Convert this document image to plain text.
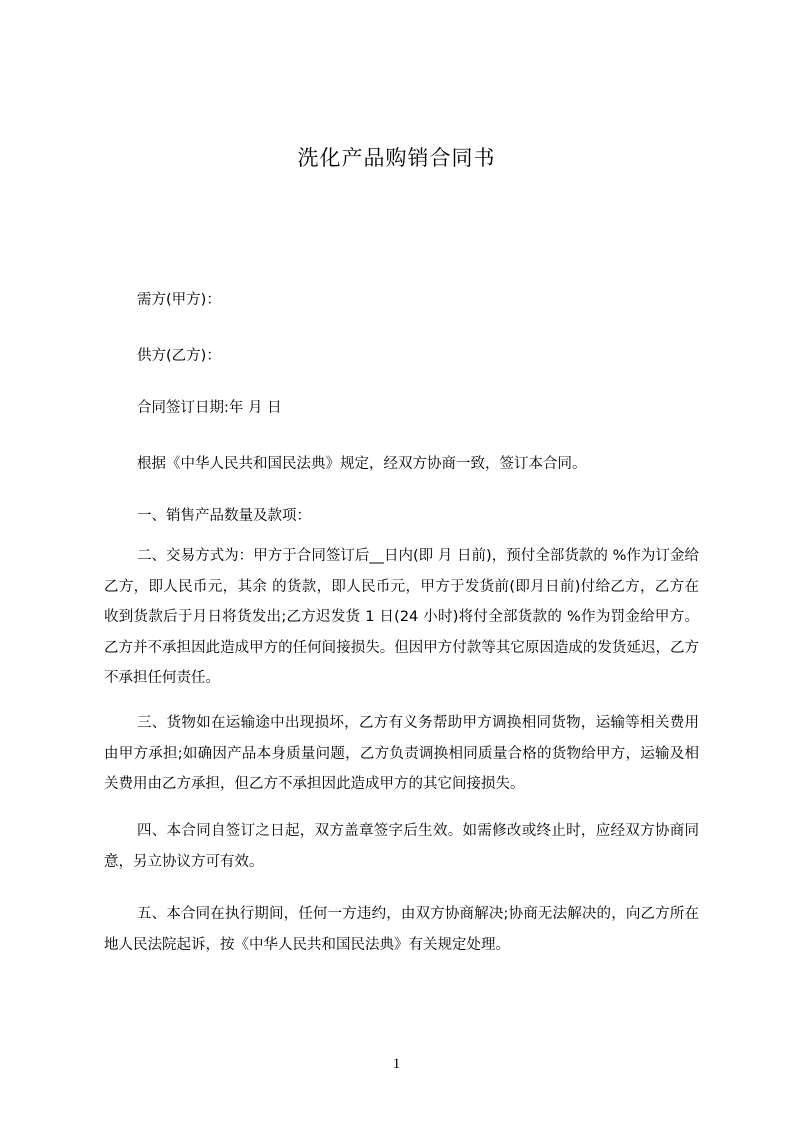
洗化产品购销合同书
需方(甲方)：
供方(乙方)：
合同签订日期:年 月 日
根据《中华人民共和国民法典》规定，经双方协商一致，签订本合同。
一、销售产品数量及款项：
二、交易方式为：甲方于合同签订后__日内(即 月 日前)，预付全部货款的 %作为订金给乙方，即人民币元，其余 的货款，即人民币元，甲方于发货前(即月日前)付给乙方，乙方在收到货款后于月日将货发出;乙方迟发货 1 日(24 小时)将付全部货款的 %作为罚金给甲方。乙方并不承担因此造成甲方的任何间接损失。但因甲方付款等其它原因造成的发货延迟，乙方不承担任何责任。
三、货物如在运输途中出现损坏，乙方有义务帮助甲方调换相同货物，运输等相关费用由甲方承担;如确因产品本身质量问题，乙方负责调换相同质量合格的货物给甲方，运输及相关费用由乙方承担，但乙方不承担因此造成甲方的其它间接损失。
四、本合同自签订之日起，双方盖章签字后生效。如需修改或终止时，应经双方协商同意，另立协议方可有效。
五、本合同在执行期间，任何一方违约，由双方协商解决;协商无法解决的，向乙方所在地人民法院起诉，按《中华人民共和国民法典》有关规定处理。
1
